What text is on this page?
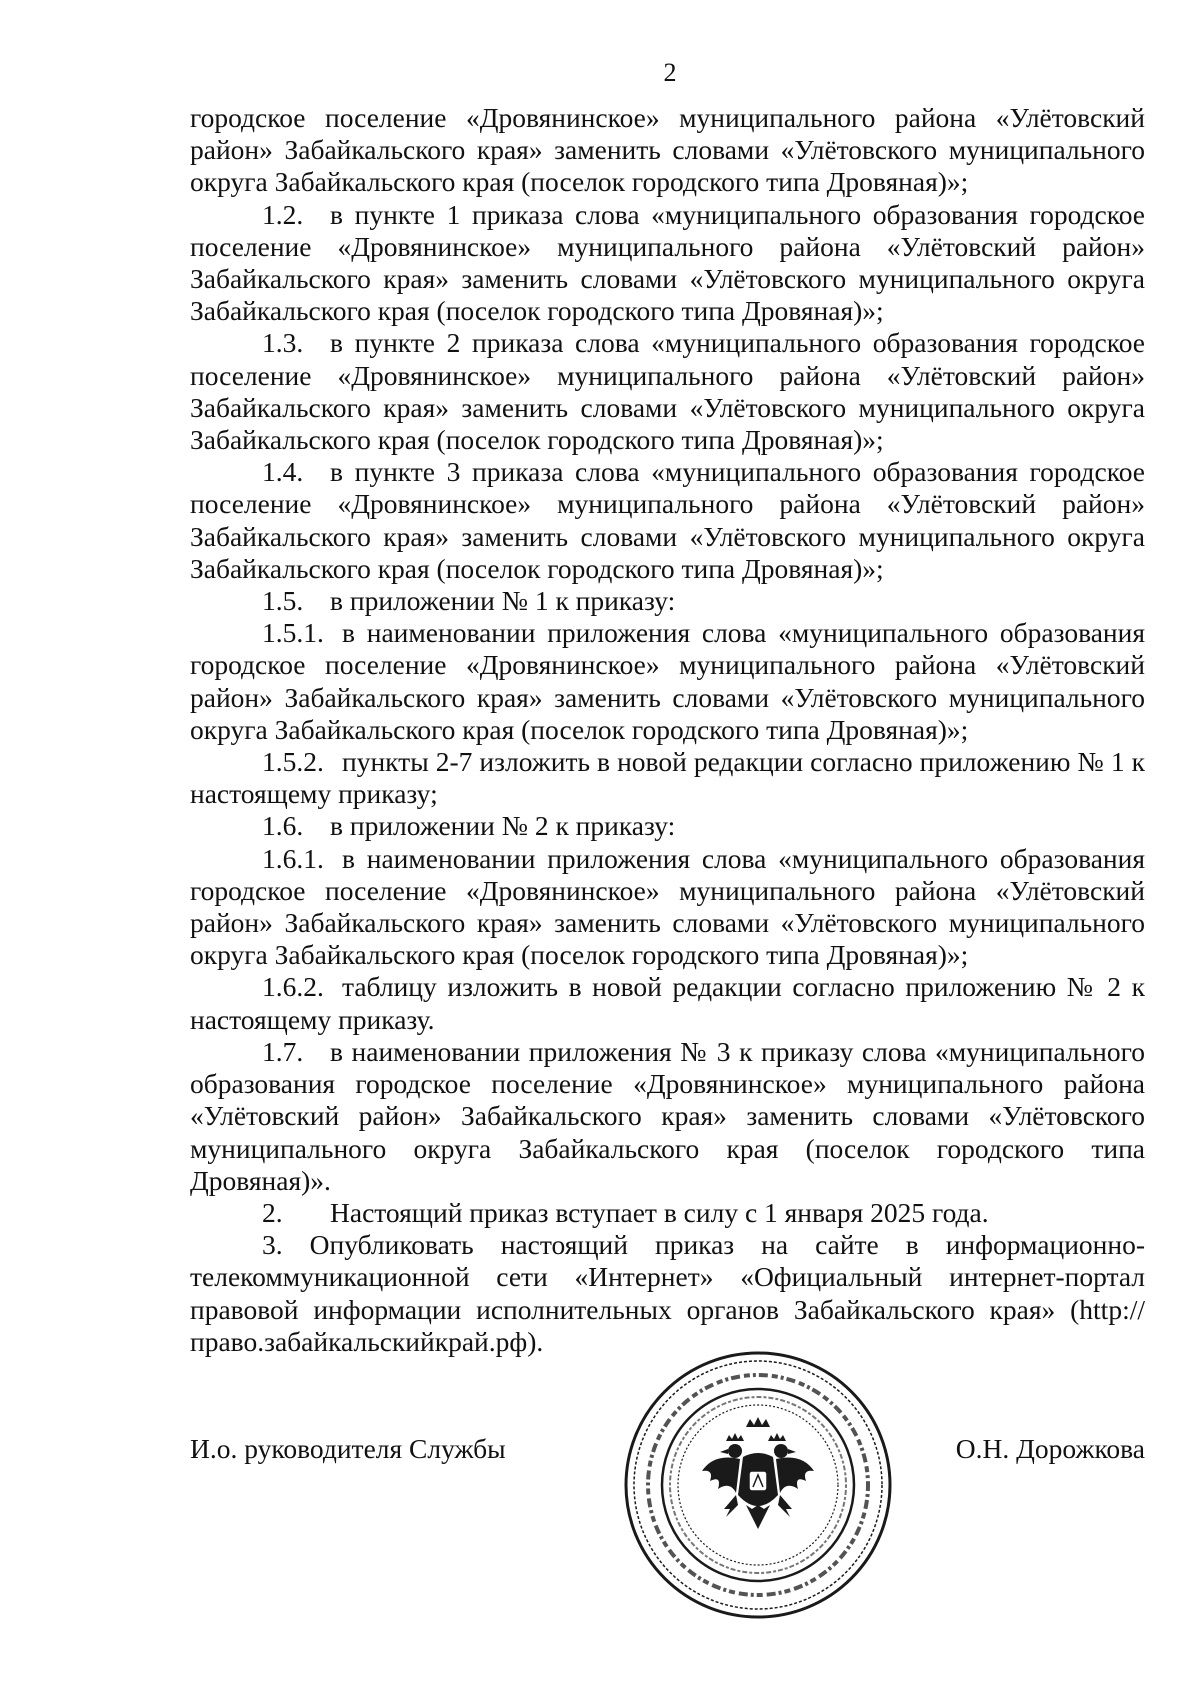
2

городское поселение «Дровянинское» муниципального района «Улётовский район» Забайкальского края» заменить словами «Улётовского муниципального округа Забайкальского края (поселок городского типа Дровяная)»;

1.2. в пункте 1 приказа слова «муниципального образования городское поселение «Дровянинское» муниципального района «Улётовский район» Забайкальского края» заменить словами «Улётовского муниципального округа Забайкальского края (поселок городского типа Дровяная)»;

1.3. в пункте 2 приказа слова «муниципального образования городское поселение «Дровянинское» муниципального района «Улётовский район» Забайкальского края» заменить словами «Улётовского муниципального округа Забайкальского края (поселок городского типа Дровяная)»;

1.4. в пункте 3 приказа слова «муниципального образования городское поселение «Дровянинское» муниципального района «Улётовский район» Забайкальского края» заменить словами «Улётовского муниципального округа Забайкальского края (поселок городского типа Дровяная)»;

1.5. в приложении № 1 к приказу:

1.5.1. в наименовании приложения слова «муниципального образования городское поселение «Дровянинское» муниципального района «Улётовский район» Забайкальского края» заменить словами «Улётовского муниципального округа Забайкальского края (поселок городского типа Дровяная)»;

1.5.2. пункты 2-7 изложить в новой редакции согласно приложению № 1 к настоящему приказу;

1.6. в приложении № 2 к приказу:

1.6.1. в наименовании приложения слова «муниципального образования городское поселение «Дровянинское» муниципального района «Улётовский район» Забайкальского края» заменить словами «Улётовского муниципального округа Забайкальского края (поселок городского типа Дровяная)»;

1.6.2. таблицу изложить в новой редакции согласно приложению № 2 к настоящему приказу.

1.7. в наименовании приложения № 3 к приказу слова «муниципального образования городское поселение «Дровянинское» муниципального района «Улётовский район» Забайкальского края» заменить словами «Улётовского муниципального округа Забайкальского края (поселок городского типа Дровяная)».

2. Настоящий приказ вступает в силу с 1 января 2025 года.

3. Опубликовать настоящий приказ на сайте в информационно-телекоммуникационной сети «Интернет» «Официальный интернет-портал правовой информации исполнительных органов Забайкальского края» (http://право.забайкальскийкрай.рф).

И.о. руководителя Службы	О.Н. Дорожкова
